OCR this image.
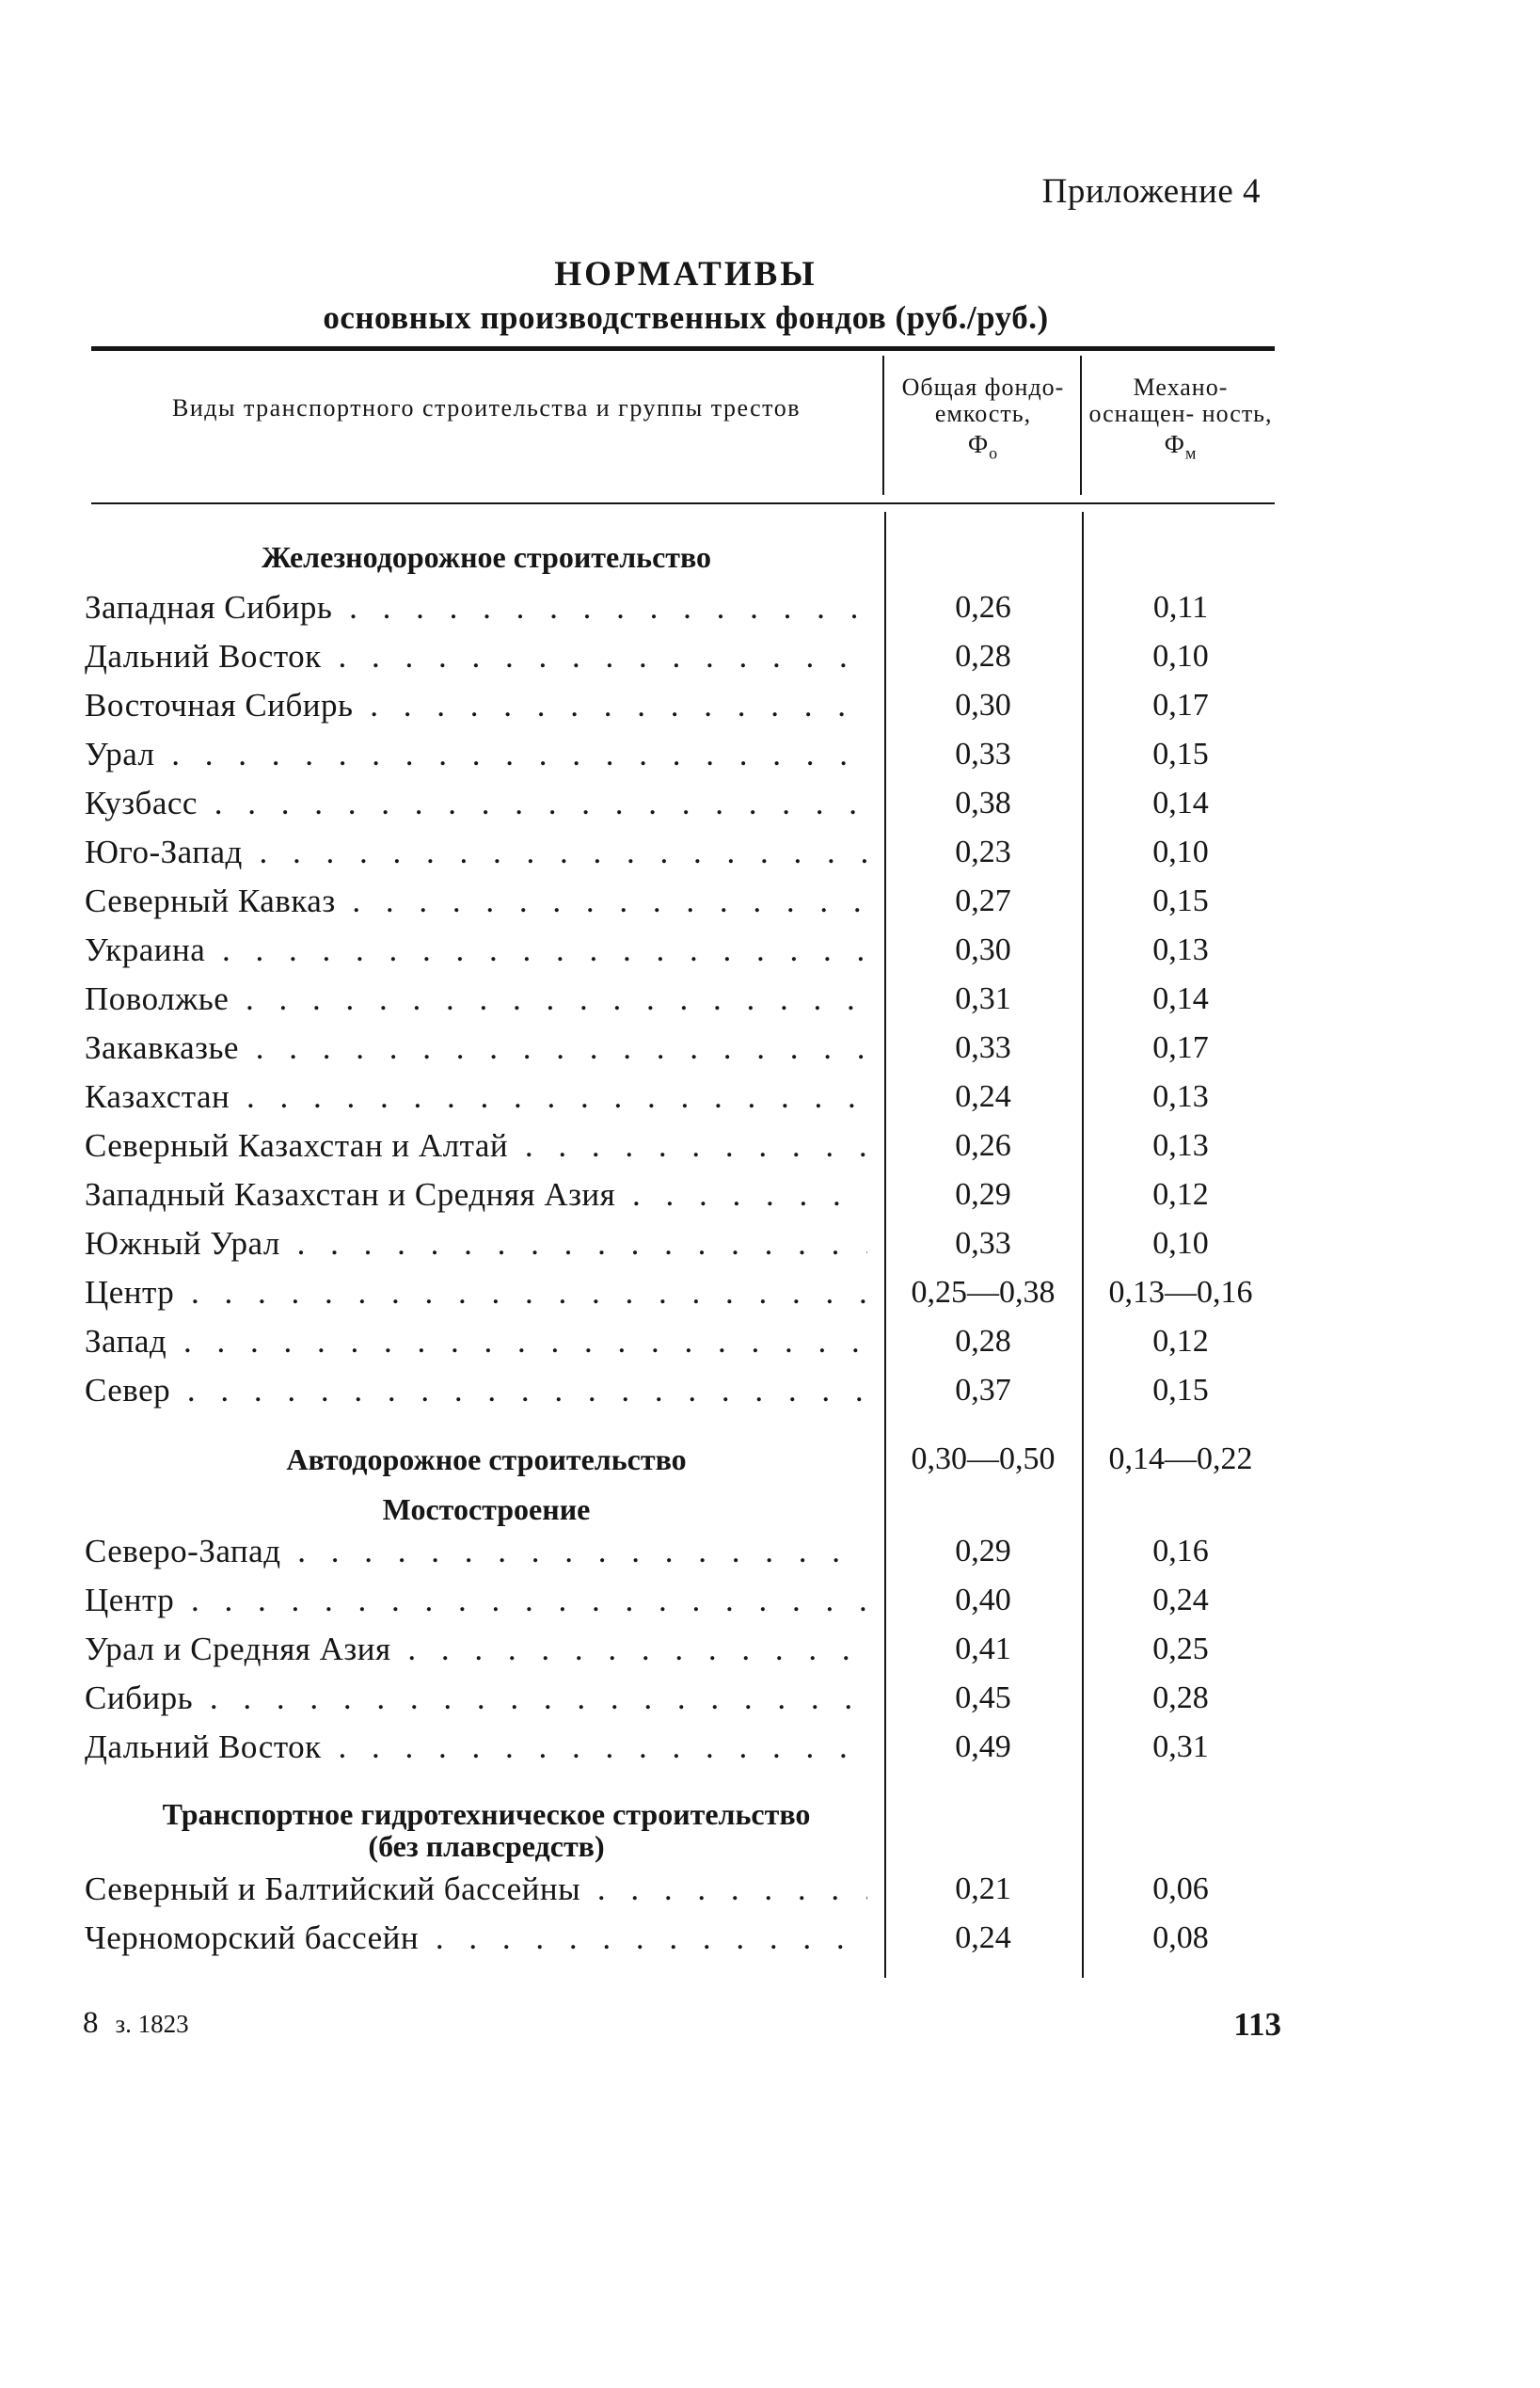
Приложение 4
НОРМАТИВЫ
основных производственных фондов (руб./руб.)
Виды транспортного строительства и группы трестов
Общая фондо- емкость,
$Ф_о$
Механо- оснащен- ность,
$Ф_м$
Железнодорожное строительство
Западная Сибирь . . .	0,26	0,11
Дальний Восток . . .	0,28	0,10
Восточная Сибирь . . .	0,30	0,17
Урал . . .	0,33	0,15
Кузбасс . . .	0,38	0,14
Юго-Запад . . .	0,23	0,10
Северный Кавказ . . .	0,27	0,15
Украина . . .	0,30	0,13
Поволжье . . .	0,31	0,14
Закавказье . . .	0,33	0,17
Казахстан . . .	0,24	0,13
Северный Казахстан и Алтай . . .	0,26	0,13
Западный Казахстан и Средняя Азия . . .	0,29	0,12
Южный Урал . . .	0,33	0,10
Центр . . .	0,25—0,38	0,13—0,16
Запад . . .	0,28	0,12
Север . . .	0,37	0,15
Автодорожное строительство	0,30—0,50	0,14—0,22
Мостостроение
Северо-Запад . . .	0,29	0,16
Центр . . .	0,40	0,24
Урал и Средняя Азия . . .	0,41	0,25
Сибирь . . .	0,45	0,28
Дальний Восток . . .	0,49	0,31
Транспортное гидротехническое строительство
(без плавсредств)
Северный и Балтийский бассейны . . .	0,21	0,06
Черноморский бассейн . . .	0,24	0,08
8 з. 1823	113
